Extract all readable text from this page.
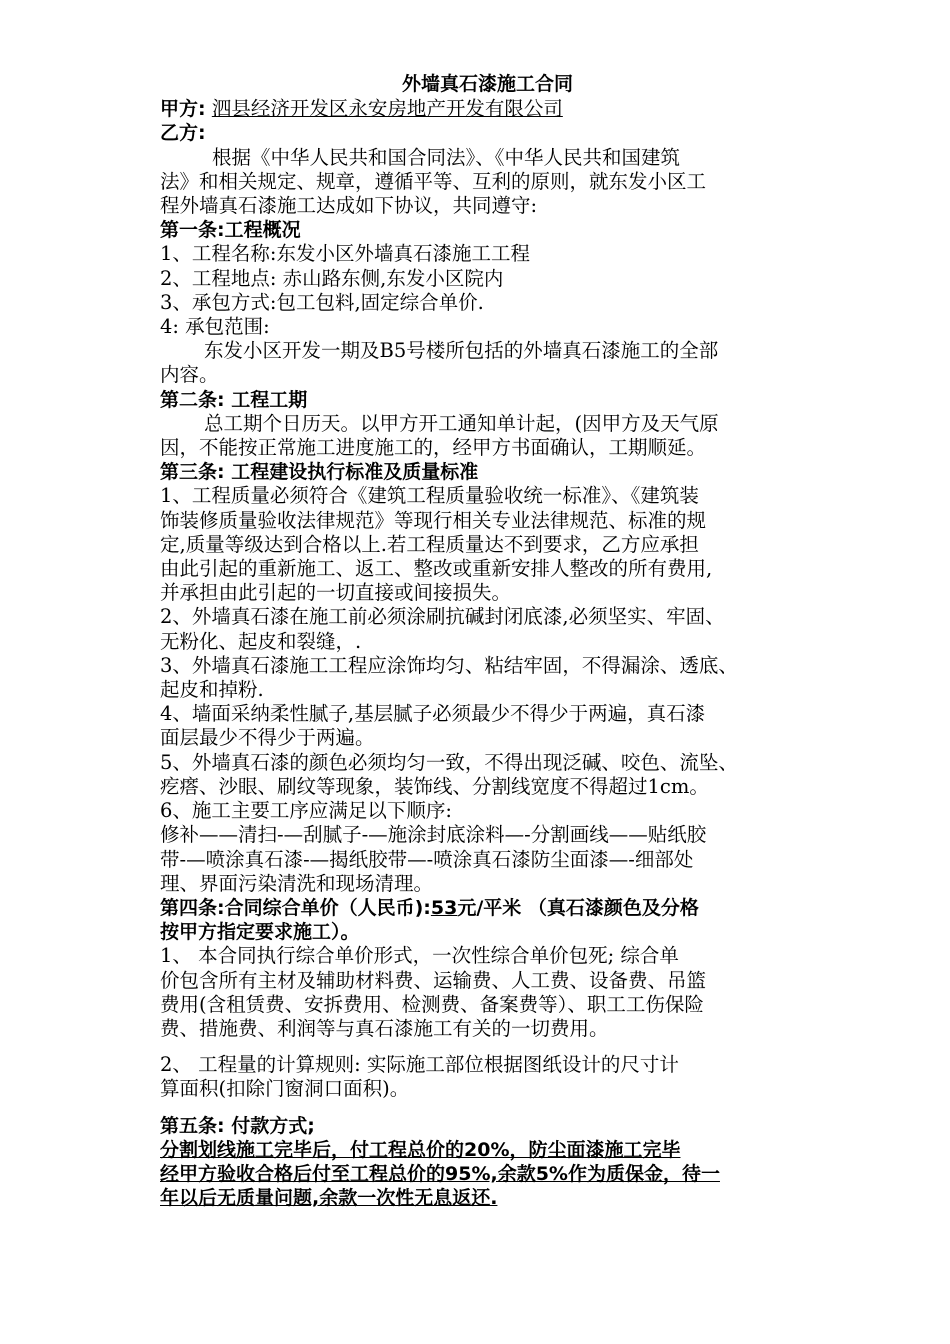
外墙真石漆施工合同
甲方: 泗县经济开发区永安房地产开发有限公司
乙方:
根据《中华人民共和国合同法》、《中华人民共和国建筑
法》和相关规定、规章，遵循平等、互利的原则，就东发小区工
程外墙真石漆施工达成如下协议，共同遵守:
第一条:工程概况
1、工程名称:东发小区外墙真石漆施工工程
2、工程地点: 赤山路东侧,东发小区院内
3、承包方式:包工包料,固定综合单价.
4: 承包范围:
东发小区开发一期及B5号楼所包括的外墙真石漆施工的全部
内容。
第二条: 工程工期
总工期个日历天。以甲方开工通知单计起，(因甲方及天气原
因，不能按正常施工进度施工的，经甲方书面确认，工期顺延。
第三条: 工程建设执行标准及质量标准
1、工程质量必须符合《建筑工程质量验收统一标准》、《建筑装
饰装修质量验收法律规范》等现行相关专业法律规范、标准的规
定,质量等级达到合格以上.若工程质量达不到要求，乙方应承担
由此引起的重新施工、返工、整改或重新安排人整改的所有费用,
并承担由此引起的一切直接或间接损失。
2、外墙真石漆在施工前必须涂刷抗碱封闭底漆,必须坚实、牢固、
无粉化、起皮和裂缝，.
3、外墙真石漆施工工程应涂饰均匀、粘结牢固，不得漏涂、透底、
起皮和掉粉.
4、墙面采纳柔性腻子,基层腻子必须最少不得少于两遍，真石漆
面层最少不得少于两遍。
5、外墙真石漆的颜色必须均匀一致，不得出现泛碱、咬色、流坠、
疙瘩、沙眼、刷纹等现象，装饰线、分割线宽度不得超过1cm。
6、施工主要工序应满足以下顺序:
修补——清扫-—刮腻子-—施涂封底涂料—-分割画线——贴纸胶
带-—喷涂真石漆-—揭纸胶带—-喷涂真石漆防尘面漆—-细部处
理、界面污染清洗和现场清理。
第四条:合同综合单价（人民币):53元/平米 （真石漆颜色及分格
按甲方指定要求施工）。
1、 本合同执行综合单价形式，一次性综合单价包死; 综合单
价包含所有主材及辅助材料费、运输费、人工费、设备费、吊篮
费用(含租赁费、安拆费用、检测费、备案费等）、职工工伤保险
费、措施费、利润等与真石漆施工有关的一切费用。
2、 工程量的计算规则: 实际施工部位根据图纸设计的尺寸计
算面积(扣除门窗洞口面积)。
第五条: 付款方式;
分割划线施工完毕后，付工程总价的20%，防尘面漆施工完毕
经甲方验收合格后付至工程总价的95%,余款5%作为质保金，待一
年以后无质量问题,余款一次性无息返还.
